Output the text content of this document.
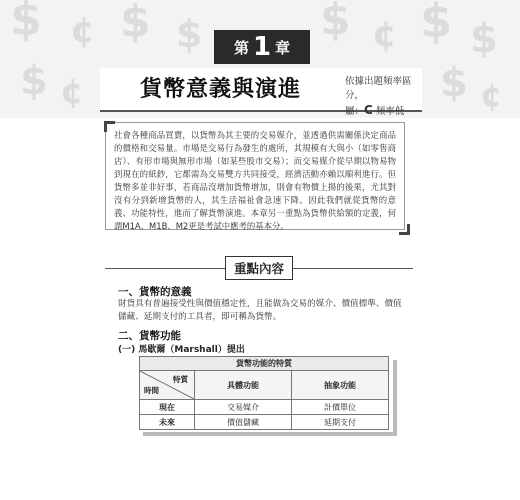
$ ¢ $ $	$ ¢ $ $
$ ¢	$ ¢
第 1 章
貨幣意義與演進	依據出題頻率區分，
屬：C 頻率低
社會各種商品買賣，以貨幣為其主要的交易媒介，並透過供需關係決定商品的價格和交易量。市場是交易行為發生的處所，其規模有大與小（如零售商店）、有形市場與無形市場（如某些股市交易）；而交易媒介從早期以物易物到現在的紙鈔，它都需為交易雙方共同接受，經濟活動亦賴以順利進行。但貨幣多並非好事，若商品沒增加貨幣增加，則會有物價上揚的後果，尤其對沒有分到新增貨幣的人，其生活福祉會急速下降。因此我們就從貨幣的意義、功能特性，進而了解貨幣演進。本章另一重點為貨幣供給額的定義，何謂M1A、M1B、M2更是考試中應考的基本分。
重點內容
一、貨幣的意義
財貨具有普遍接受性與價值穩定性，且能做為交易的媒介、價值標準、價值儲藏、延期支付的工具者，即可稱為貨幣。
二、貨幣功能
(一) 馬歇爾（Marshall）提出
貨幣功能的特質		

特質
時間	具體功能	抽象功能
現在	交易媒介	計價單位
未來	價值儲藏	延期支付
